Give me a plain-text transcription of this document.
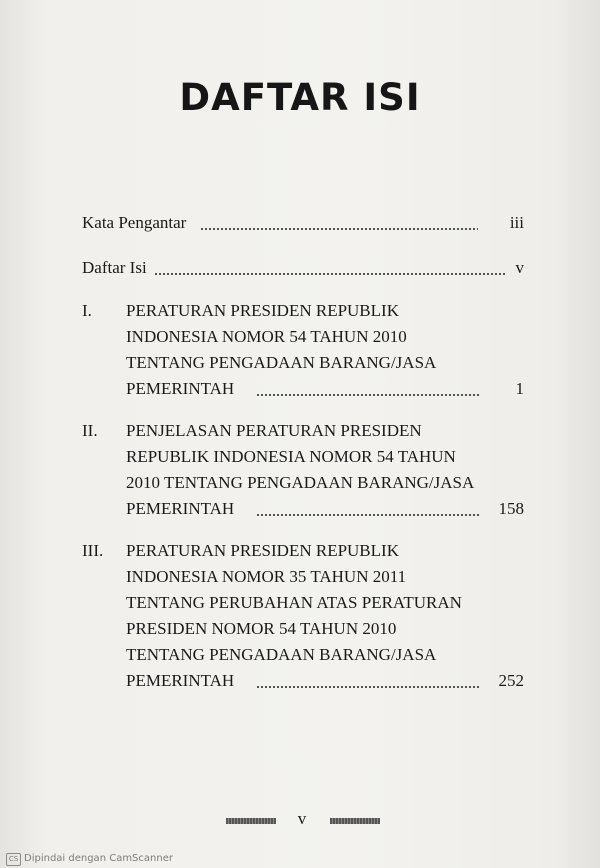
DAFTAR ISI
Kata Pengantar	iii
Daftar Isi	v
I. PERATURAN PRESIDEN REPUBLIK
INDONESIA NOMOR 54 TAHUN 2010
TENTANG PENGADAAN BARANG/JASA
PEMERINTAH	1
II. PENJELASAN PERATURAN PRESIDEN
REPUBLIK INDONESIA NOMOR 54 TAHUN
2010 TENTANG PENGADAAN BARANG/JASA
PEMERINTAH	158
III. PERATURAN PRESIDEN REPUBLIK
INDONESIA NOMOR 35 TAHUN 2011
TENTANG PERUBAHAN ATAS PERATURAN
PRESIDEN NOMOR 54 TAHUN 2010
TENTANG PENGADAAN BARANG/JASA
PEMERINTAH	252
v
CS Dipindai dengan CamScanner
